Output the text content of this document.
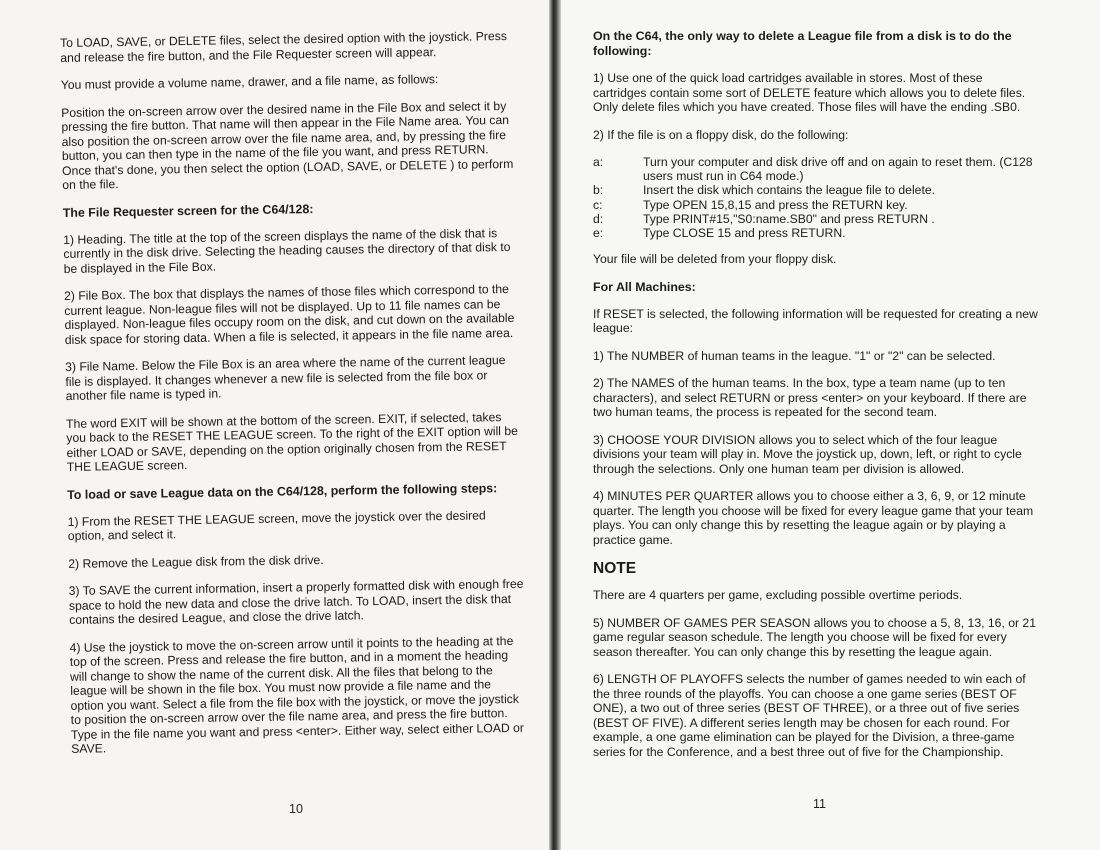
To LOAD, SAVE, or DELETE files, select the desired option with the joystick. Press and release the fire button, and the File Requester screen will appear.

You must provide a volume name, drawer, and a file name, as follows:

Position the on-screen arrow over the desired name in the File Box and select it by pressing the fire button. That name will then appear in the File Name area. You can also position the on-screen arrow over the file name area, and, by pressing the fire button, you can then type in the name of the file you want, and press RETURN. Once that's done, you then select the option (LOAD, SAVE, or DELETE ) to perform on the file.

The File Requester screen for the C64/128:

1) Heading. The title at the top of the screen displays the name of the disk that is currently in the disk drive. Selecting the heading causes the directory of that disk to be displayed in the File Box.

2) File Box. The box that displays the names of those files which correspond to the current league. Non-league files will not be displayed. Up to 11 file names can be displayed. Non-league files occupy room on the disk, and cut down on the available disk space for storing data. When a file is selected, it appears in the file name area.

3) File Name. Below the File Box is an area where the name of the current league file is displayed. It changes whenever a new file is selected from the file box or another file name is typed in.

The word EXIT will be shown at the bottom of the screen. EXIT, if selected, takes you back to the RESET THE LEAGUE screen. To the right of the EXIT option will be either LOAD or SAVE, depending on the option originally chosen from the RESET THE LEAGUE screen.

To load or save League data on the C64/128, perform the following steps:

1) From the RESET THE LEAGUE screen, move the joystick over the desired option, and select it.

2) Remove the League disk from the disk drive.

3) To SAVE the current information, insert a properly formatted disk with enough free space to hold the new data and close the drive latch. To LOAD, insert the disk that contains the desired League, and close the drive latch.

4) Use the joystick to move the on-screen arrow until it points to the heading at the top of the screen. Press and release the fire button, and in a moment the heading will change to show the name of the current disk. All the files that belong to the league will be shown in the file box. You must now provide a file name and the option you want. Select a file from the file box with the joystick, or move the joystick to position the on-screen arrow over the file name area, and press the fire button. Type in the file name you want and press <enter>. Either way, select either LOAD or SAVE.

10
On the C64, the only way to delete a League file from a disk is to do the following:

1) Use one of the quick load cartridges available in stores. Most of these cartridges contain some sort of DELETE feature which allows you to delete files. Only delete files which you have created. Those files will have the ending .SB0.

2) If the file is on a floppy disk, do the following:

a:	Turn your computer and disk drive off and on again to reset them. (C128 users must run in C64 mode.)
b:	Insert the disk which contains the league file to delete.
c:	Type OPEN 15,8,15 and press the RETURN key.
d:	Type PRINT#15,"S0:name.SB0" and press RETURN .
e:	Type CLOSE 15 and press RETURN.

Your file will be deleted from your floppy disk.

For All Machines:

If RESET is selected, the following information will be requested for creating a new league:

1) The NUMBER of human teams in the league. "1" or "2" can be selected.

2) The NAMES of the human teams. In the box, type a team name (up to ten characters), and select RETURN or press <enter> on your keyboard. If there are two human teams, the process is repeated for the second team.

3) CHOOSE YOUR DIVISION allows you to select which of the four league divisions your team will play in. Move the joystick up, down, left, or right to cycle through the selections. Only one human team per division is allowed.

4) MINUTES PER QUARTER allows you to choose either a 3, 6, 9, or 12 minute quarter. The length you choose will be fixed for every league game that your team plays. You can only change this by resetting the league again or by playing a practice game.

NOTE

There are 4 quarters per game, excluding possible overtime periods.

5) NUMBER OF GAMES PER SEASON allows you to choose a 5, 8, 13, 16, or 21 game regular season schedule. The length you choose will be fixed for every season thereafter. You can only change this by resetting the league again.

6) LENGTH OF PLAYOFFS selects the number of games needed to win each of the three rounds of the playoffs. You can choose a one game series (BEST OF ONE), a two out of three series (BEST OF THREE), or a three out of five series (BEST OF FIVE). A different series length may be chosen for each round. For example, a one game elimination can be played for the Division, a three-game series for the Conference, and a best three out of five for the Championship.

11
